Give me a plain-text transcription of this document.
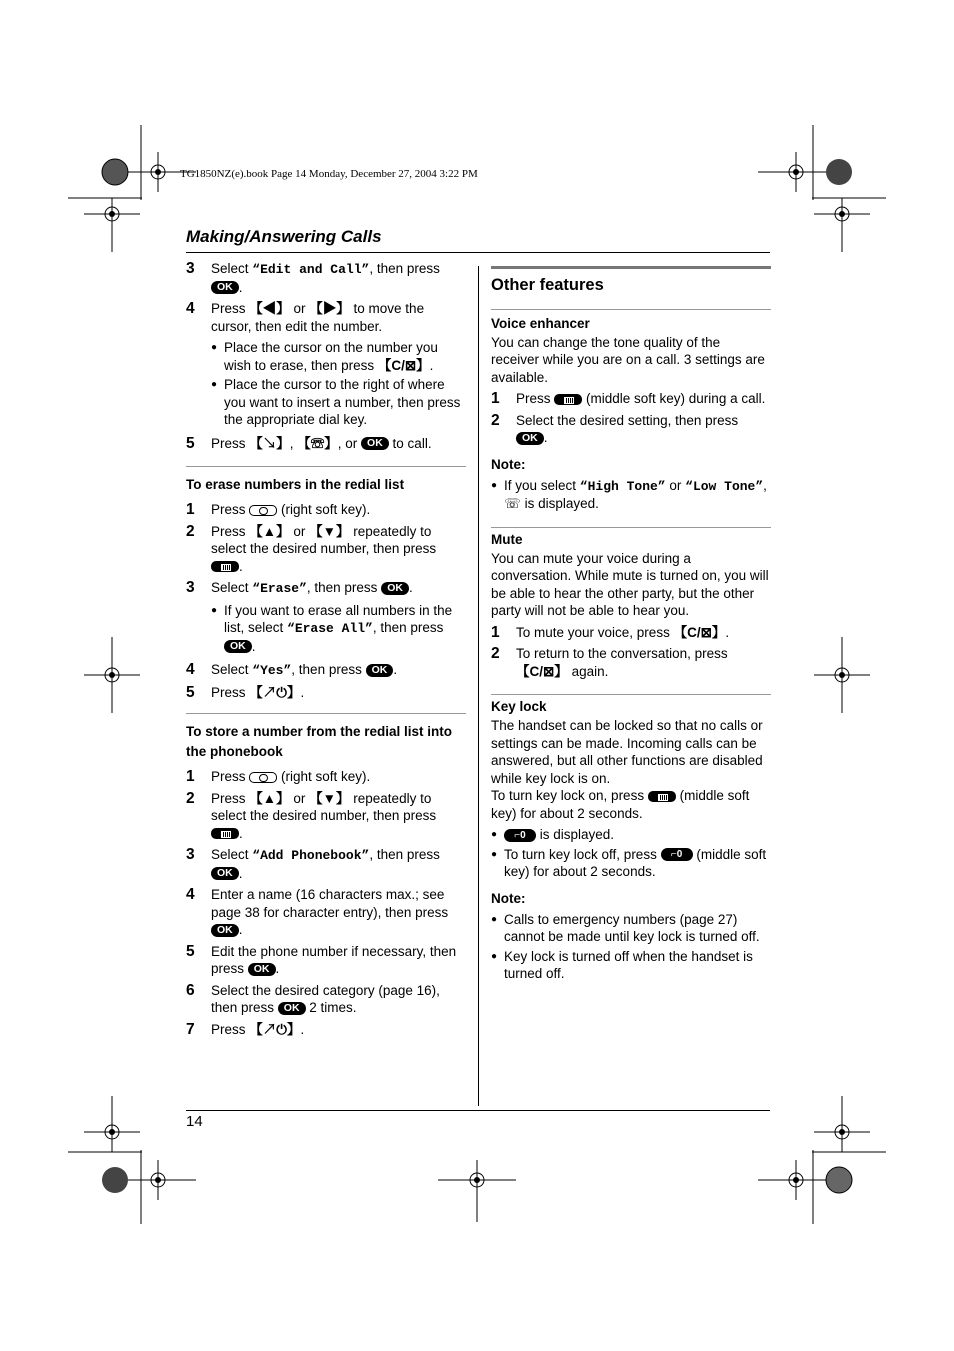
TG1850NZ(e).book Page 14 Monday, December 27, 2004 3:22 PM
Making/Answering Calls
3	Select “Edit and Call”, then press
OK .
4	Press 【◀】 or 【▶】 to move the cursor, then edit the number.
● Place the cursor on the number you wish to erase, then press 【C/⊠】.
● Place the cursor to the right of where you want to insert a number, then press the appropriate dial key.
5	Press 【↘】, 【☏】, or OK to call.
To erase numbers in the redial list
1	Press  (right soft key).
2	Press 【▲】 or 【▼】 repeatedly to select the desired number, then press .
3	Select “Erase”, then press OK .
● If you want to erase all numbers in the list, select “Erase All”, then press
OK .
4	Select “Yes”, then press OK .
5	Press 【↗⏻】.
To store a number from the redial list into the phonebook
1	Press  (right soft key).
2	Press 【▲】 or 【▼】 repeatedly to select the desired number, then press .
3	Select “Add Phonebook”, then press
OK .
4	Enter a name (16 characters max.; see page 38 for character entry), then press
OK .
5	Edit the phone number if necessary, then press OK .
6	Select the desired category (page 16), then press OK 2 times.
7	Press 【↗⏻】.
Other features
Voice enhancer

You can change the tone quality of the receiver while you are on a call. 3 settings are available.

1	Press  (middle soft key) during a call.
2	Select the desired setting, then press
OK .
Note:
● If you select “High Tone” or “Low Tone”, ☏ is displayed.
Mute

You can mute your voice during a conversation. While mute is turned on, you will be able to hear the other party, but the other party will not be able to hear you.

1	To mute your voice, press 【C/⊠】.
2	To return to the conversation, press
【C/⊠】 again.
Key lock

The handset can be locked so that no calls or settings can be made. Incoming calls can be answered, but all other functions are disabled while key lock is on.

To turn key lock on, press  (middle soft key) for about 2 seconds.

●	⌐0 is displayed.
● To turn key lock off, press ⌐0 (middle soft key) for about 2 seconds.
Note:
● Calls to emergency numbers (page 27) cannot be made until key lock is turned off.
● Key lock is turned off when the handset is turned off.
14
